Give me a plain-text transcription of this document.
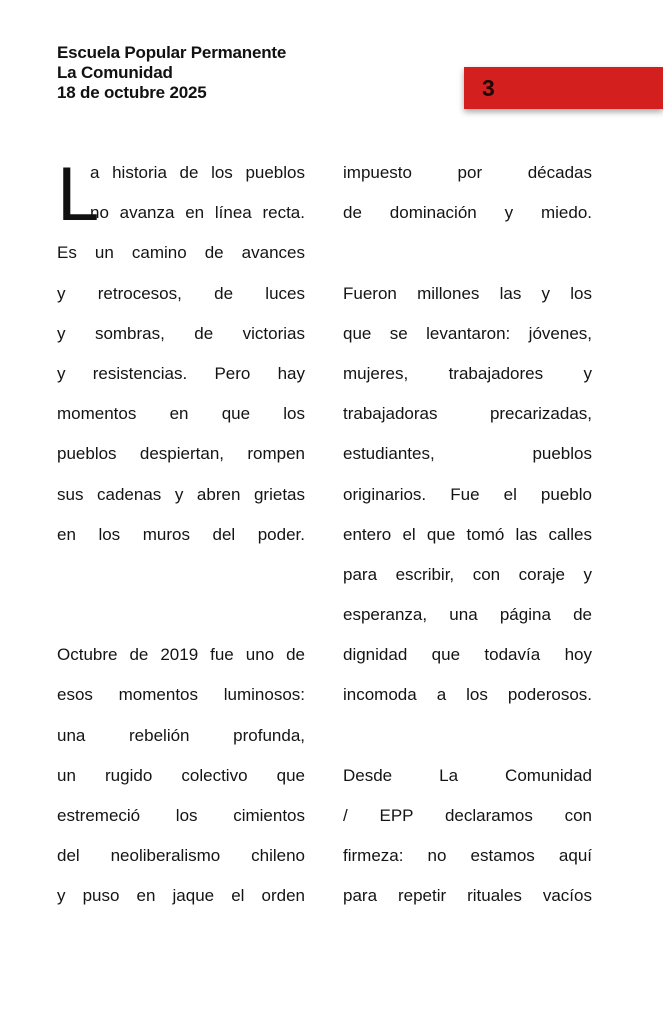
Escuela Popular Permanente
La Comunidad
18 de octubre 2025	3
L
a historia de los pueblos
no avanza en línea recta.
Es un camino de avances
y retrocesos, de luces
y sombras, de victorias
y resistencias. Pero hay
momentos en que los
pueblos despiertan, rompen
sus cadenas y abren grietas
en los muros del poder.
Octubre de 2019 fue uno de
esos momentos luminosos:
una rebelión profunda,
un rugido colectivo que
estremeció los cimientos
del neoliberalismo chileno
y puso en jaque el orden
impuesto por décadas
de dominación y miedo.
Fueron millones las y los
que se levantaron: jóvenes,
mujeres, trabajadores y
trabajadoras precarizadas,
estudiantes, pueblos
originarios. Fue el pueblo
entero el que tomó las calles
para escribir, con coraje y
esperanza, una página de
dignidad que todavía hoy
incomoda a los poderosos.
Desde La Comunidad
/ EPP declaramos con
firmeza: no estamos aquí
para repetir rituales vacíos
